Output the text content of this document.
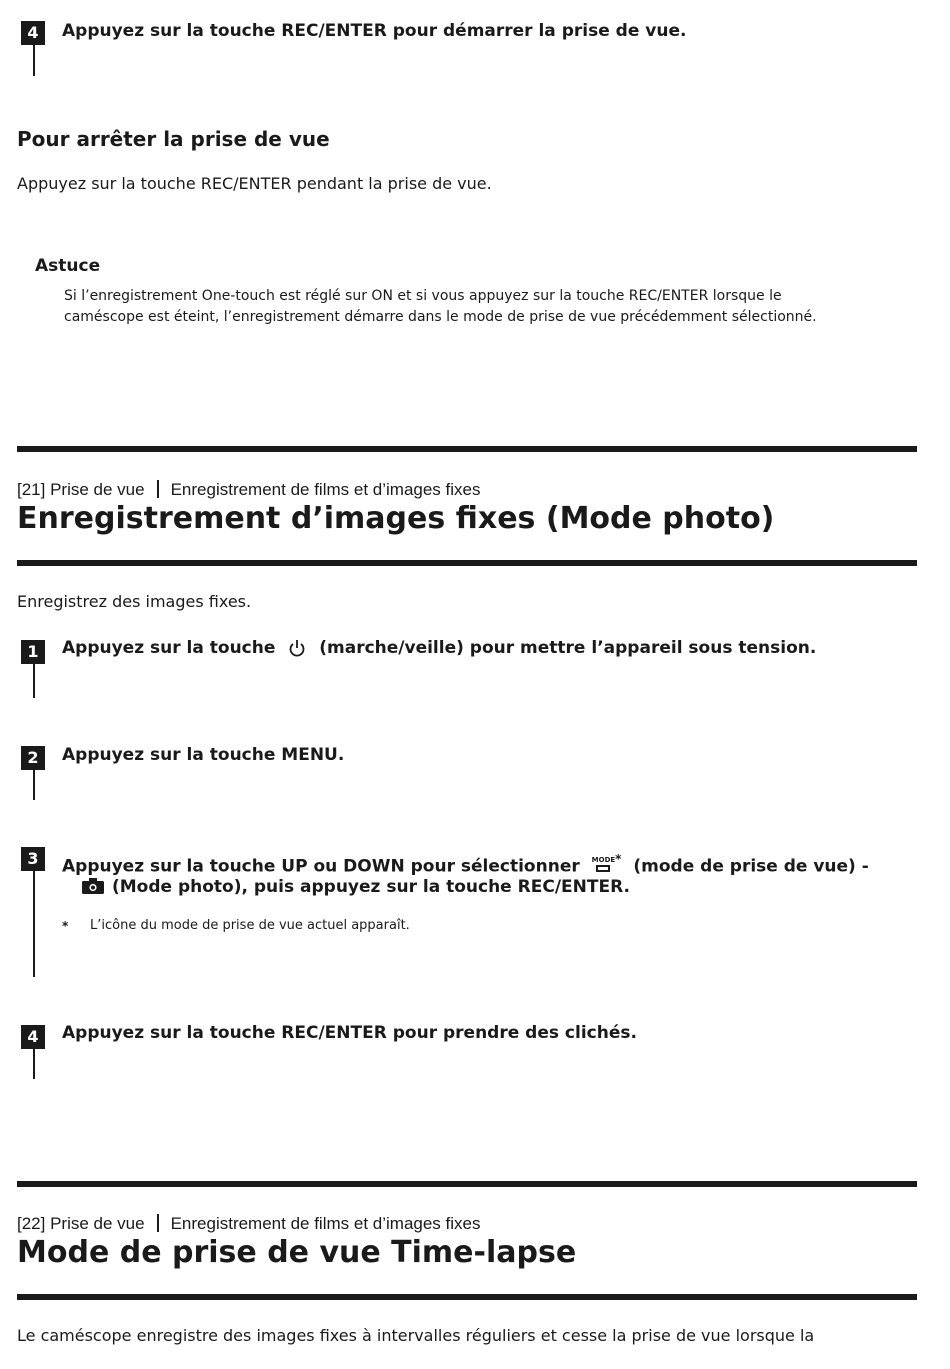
4	Appuyez sur la touche REC/ENTER pour démarrer la prise de vue.
Pour arrêter la prise de vue
Appuyez sur la touche REC/ENTER pendant la prise de vue.
Astuce
Si l’enregistrement One-touch est réglé sur ON et si vous appuyez sur la touche REC/ENTER lorsque le
caméscope est éteint, l’enregistrement démarre dans le mode de prise de vue précédemment sélectionné.
[21] Prise de vue Enregistrement de films et d’images fixes
Enregistrement d’images fixes (Mode photo)
Enregistrez des images fixes.
1	Appuyez sur la touche	(marche/veille) pour mettre l’appareil sous tension.
2	Appuyez sur la touche MENU.
3	Appuyez sur la touche UP ou DOWN pour sélectionner MODE * (mode de prise de vue) -
(Mode photo), puis appuyez sur la touche REC/ENTER.
* L’icône du mode de prise de vue actuel apparaît.
4	Appuyez sur la touche REC/ENTER pour prendre des clichés.
[22] Prise de vue Enregistrement de films et d’images fixes
Mode de prise de vue Time-lapse
Le caméscope enregistre des images fixes à intervalles réguliers et cesse la prise de vue lorsque la
